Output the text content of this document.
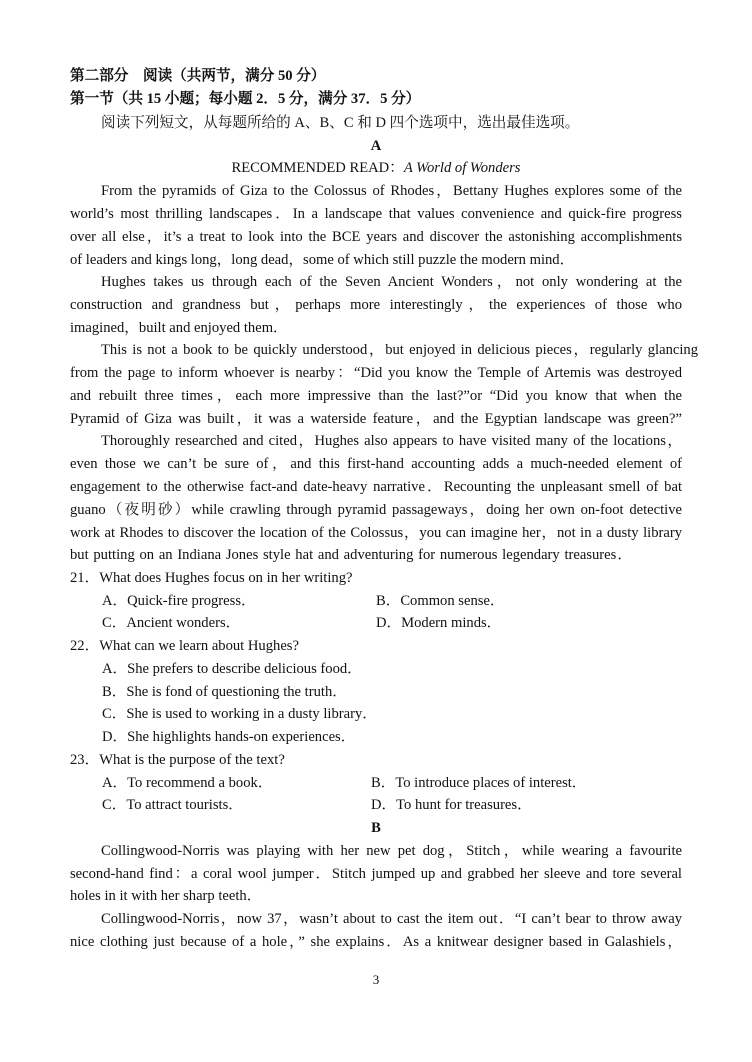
第二部分　阅读（共两节，满分 50 分）
第一节（共 15 小题；每小题 2．5 分，满分 37．5 分）
阅读下列短文，从每题所给的 A、B、C 和 D 四个选项中，选出最佳选项。
A
RECOMMENDED READ：A World of Wonders
From the pyramids of Giza to the Colossus of Rhodes，Bettany Hughes explores some of the
world’s most thrilling landscapes．In a landscape that values convenience and quick-fire progress
over all else，it’s a treat to look into the BCE years and discover the astonishing accomplishments
of leaders and kings long，long dead，some of which still puzzle the modern mind．
Hughes takes us through each of the Seven Ancient Wonders，not only wondering at the
construction and grandness but，perhaps more interestingly，the experiences of those who
imagined，built and enjoyed them．
This is not a book to be quickly understood，but enjoyed in delicious pieces，regularly glancing
from the page to inform whoever is nearby：“Did you know the Temple of Artemis was destroyed
and rebuilt three times，each more impressive than the last?”or “Did you know that when the
Pyramid of Giza was built，it was a waterside feature，and the Egyptian landscape was green?”
Thoroughly researched and cited，Hughes also appears to have visited many of the locations，
even those we can’t be sure of，and this first-hand accounting adds a much-needed element of
engagement to the otherwise fact-and date-heavy narrative．Recounting the unpleasant smell of bat
guano（夜明砂）while crawling through pyramid passageways，doing her own on-foot detective
work at Rhodes to discover the location of the Colossus，you can imagine her，not in a dusty library
but putting on an Indiana Jones style hat and adventuring for numerous legendary treasures．
21．What does Hughes focus on in her writing?
A．Quick-fire progress．	B．Common sense．
C．Ancient wonders．	D．Modern minds．
22．What can we learn about Hughes?
A．She prefers to describe delicious food．
B．She is fond of questioning the truth．
C．She is used to working in a dusty library．
D．She highlights hands-on experiences．
23．What is the purpose of the text?
A．To recommend a book．	B．To introduce places of interest．
C．To attract tourists．	D．To hunt for treasures．
B
Collingwood-Norris was playing with her new pet dog，Stitch，while wearing a favourite
second-hand find：a coral wool jumper．Stitch jumped up and grabbed her sleeve and tore several
holes in it with her sharp teeth．
Collingwood-Norris，now 37，wasn’t about to cast the item out．“I can’t bear to throw away
nice clothing just because of a hole，” she explains．As a knitwear designer based in Galashiels，
3
